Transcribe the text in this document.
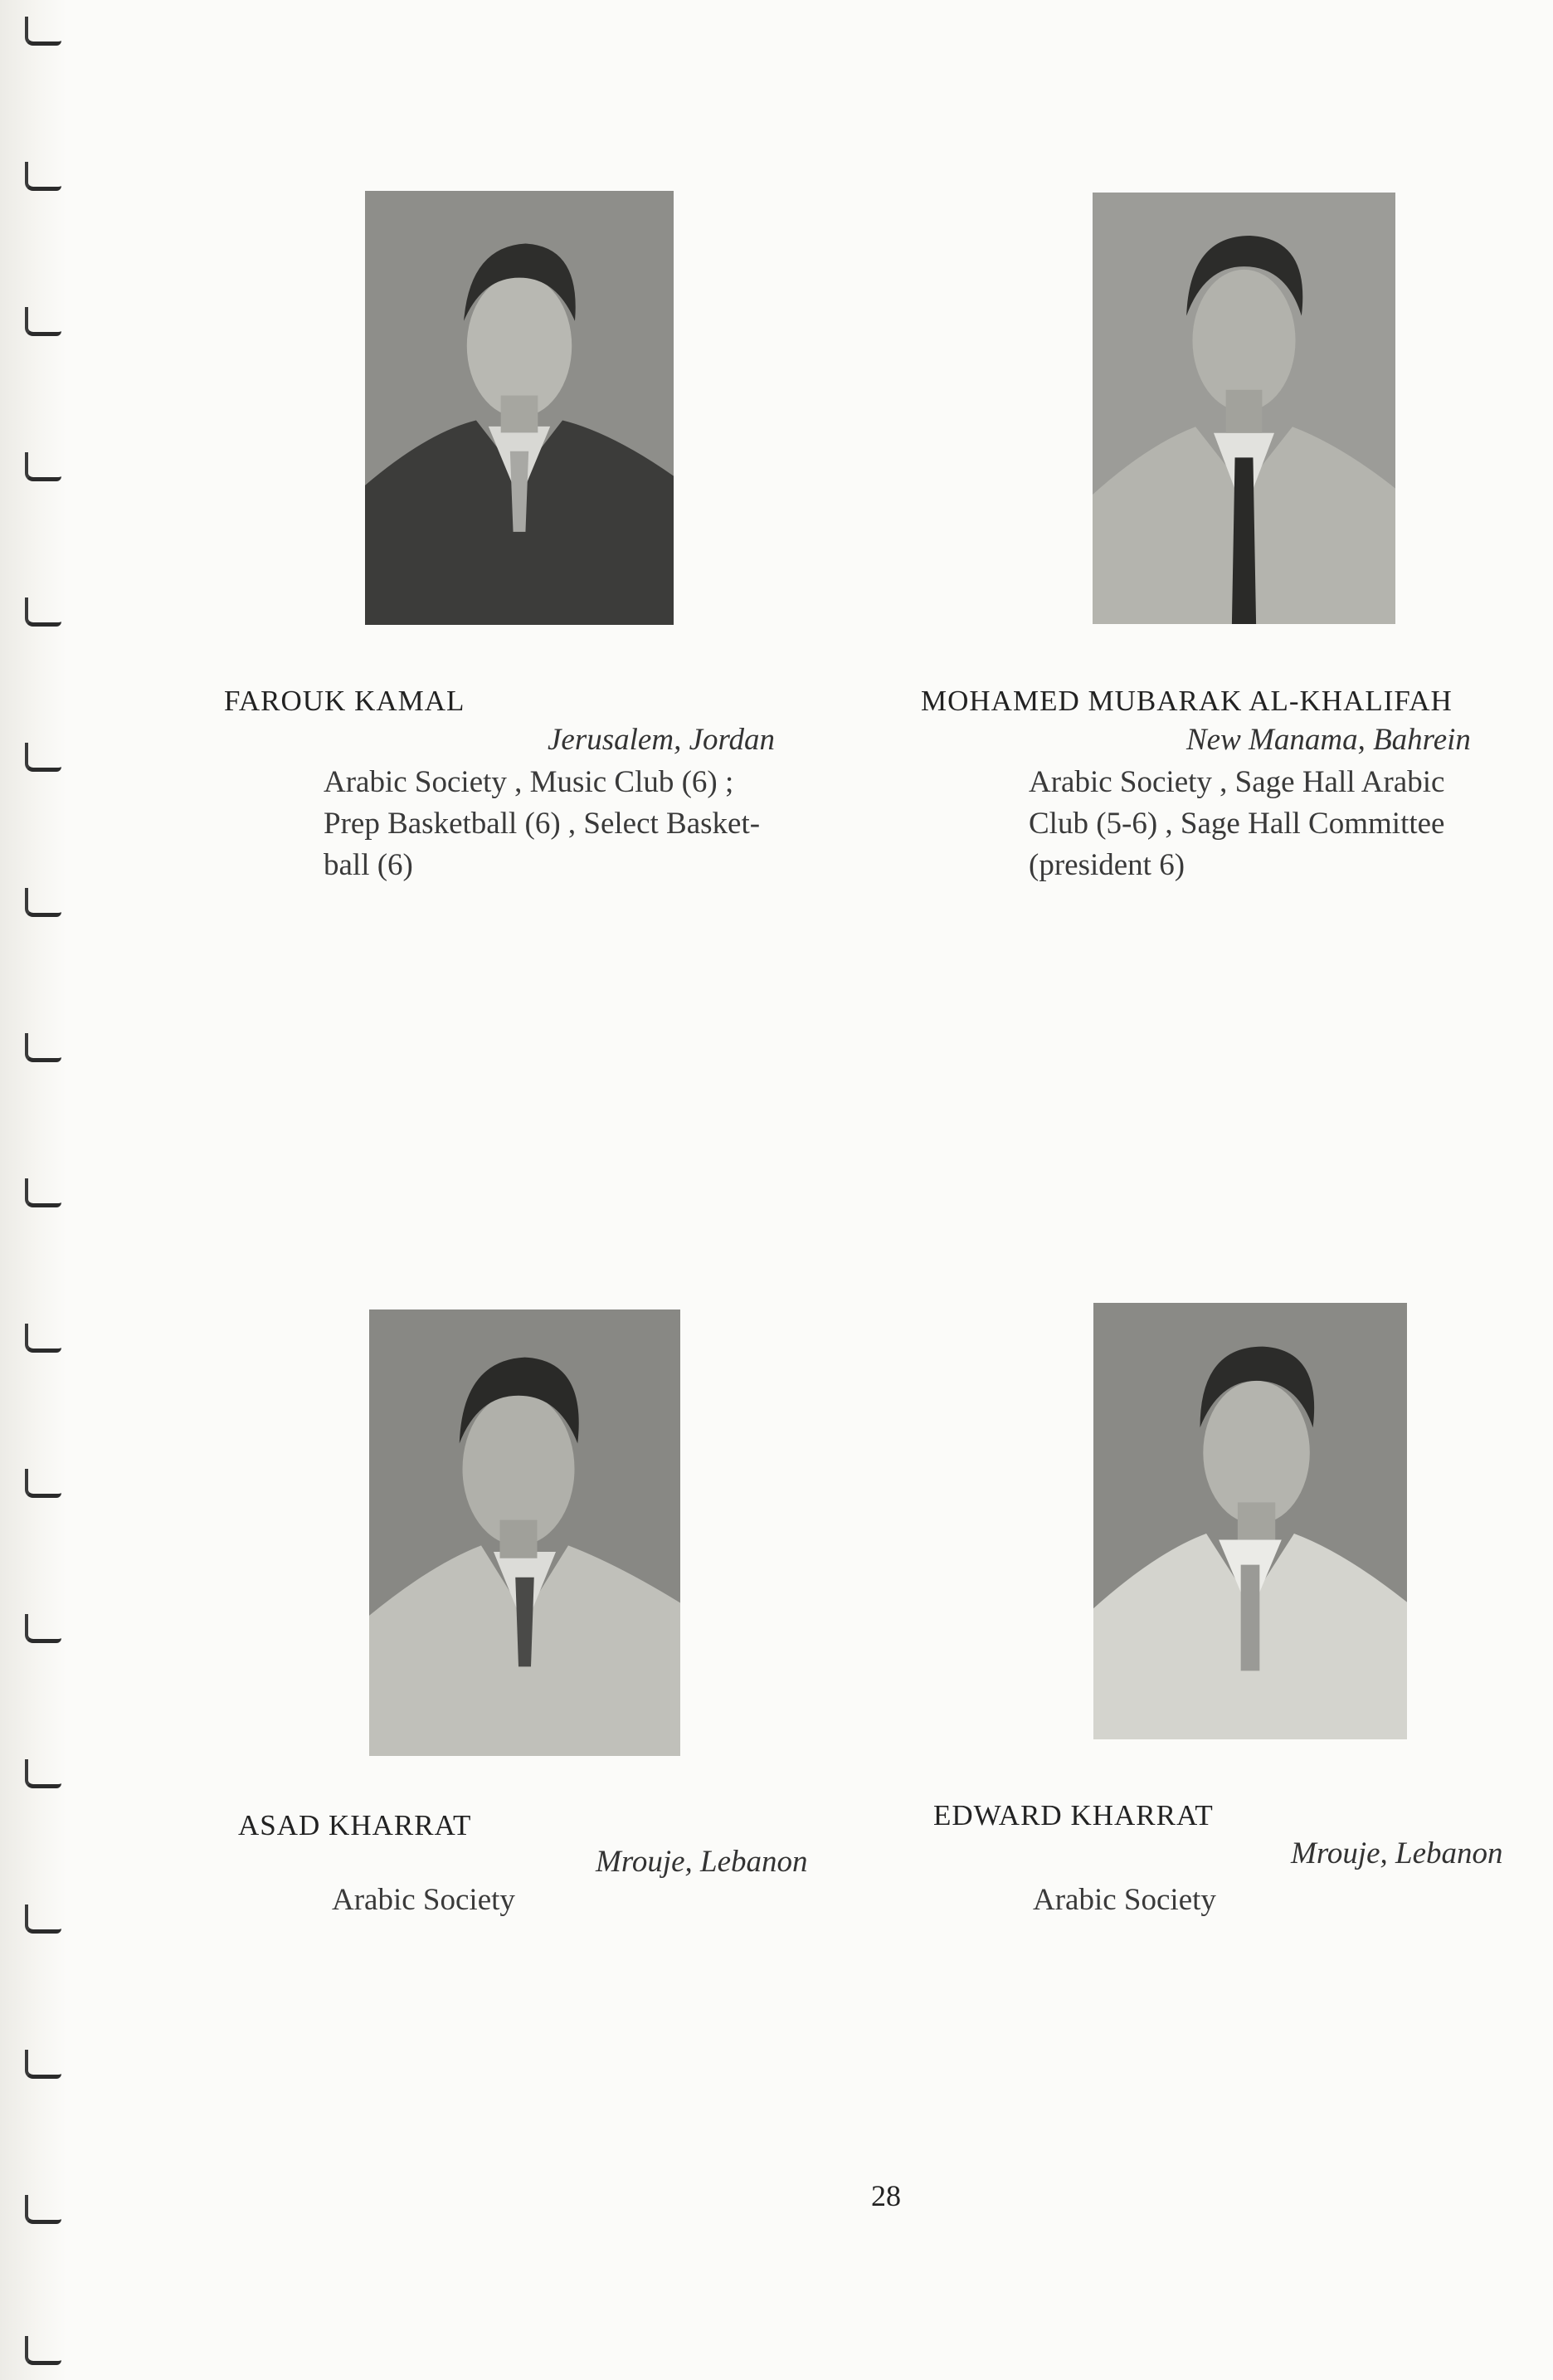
FAROUK KAMAL
Jerusalem, Jordan
Arabic Society , Music Club (6) ;
Prep Basketball (6) , Select Basket-
ball (6)
MOHAMED MUBARAK AL-KHALIFAH
New Manama, Bahrein
Arabic Society , Sage Hall Arabic
Club (5-6) , Sage Hall Committee
(president 6)
ASAD KHARRAT
Mrouje, Lebanon
Arabic Society
EDWARD KHARRAT
Mrouje, Lebanon
Arabic Society
28
